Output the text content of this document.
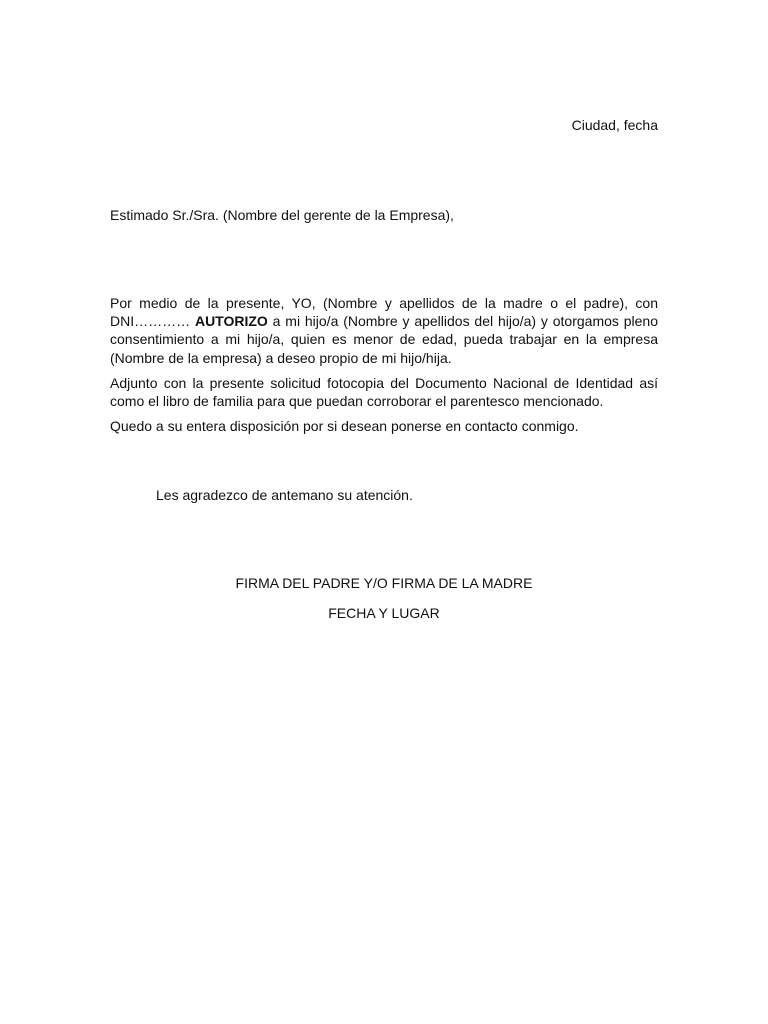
Ciudad, fecha
Estimado Sr./Sra. (Nombre del gerente de la Empresa),

Por medio de la presente, YO, (Nombre y apellidos de la madre o el padre), con DNI………… AUTORIZO a mi hijo/a (Nombre y apellidos del hijo/a) y otorgamos pleno consentimiento a mi hijo/a, quien es menor de edad, pueda trabajar en la empresa (Nombre de la empresa) a deseo propio de mi hijo/hija.

Adjunto con la presente solicitud fotocopia del Documento Nacional de Identidad así como el libro de familia para que puedan corroborar el parentesco mencionado.

Quedo a su entera disposición por si desean ponerse en contacto conmigo.

Les agradezco de antemano su atención.
FIRMA DEL PADRE Y/O FIRMA DE LA MADRE
FECHA Y LUGAR
